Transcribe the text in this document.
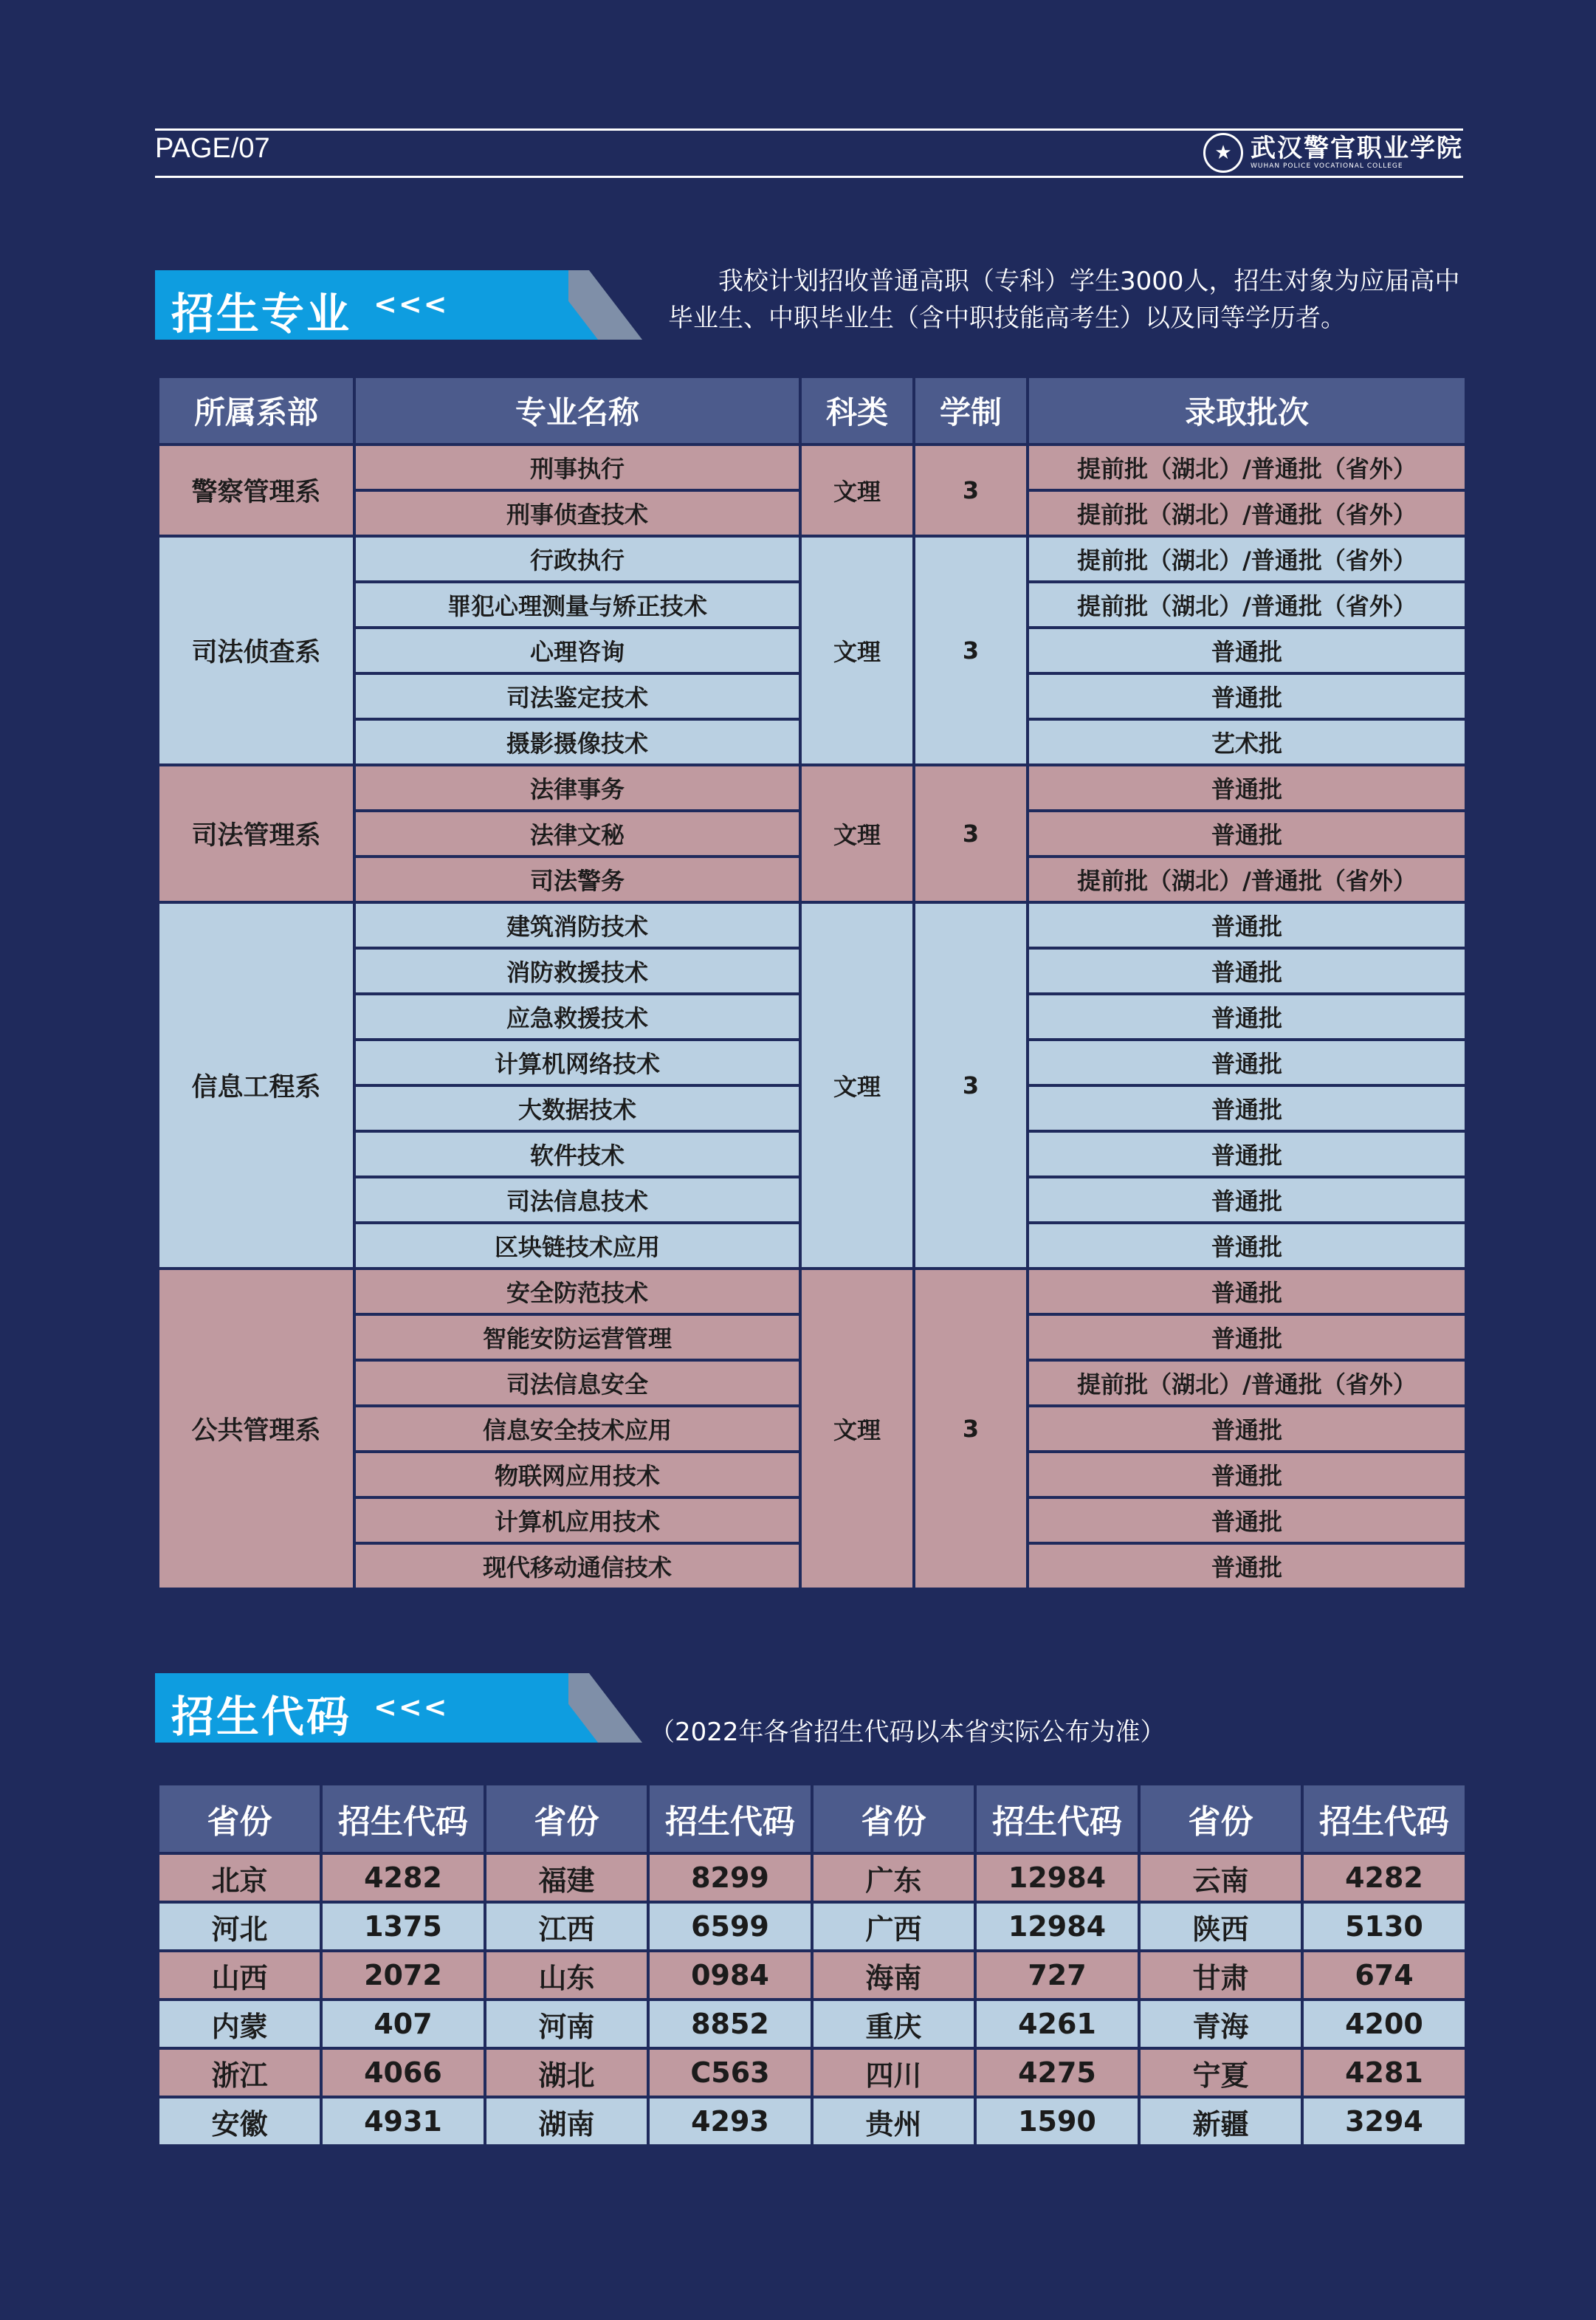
PAGE/07	★ 武汉警官职业学院
WUHAN POLICE VOCATIONAL COLLEGE
招生专业 <<<
我校计划招收普通高职（专科）学生3000人，招生对象为应届高中毕业生、中职毕业生（含中职技能高考生）以及同等学历者。
所属系部	专业名称	科类	学制	录取批次
警察管理系	刑事执行	文理	3	提前批（湖北）/普通批（省外）
	刑事侦查技术			提前批（湖北）/普通批（省外）
司法侦查系	行政执行	文理	3	提前批（湖北）/普通批（省外）
	罪犯心理测量与矫正技术			提前批（湖北）/普通批（省外）
	心理咨询			普通批
	司法鉴定技术			普通批
	摄影摄像技术			艺术批
司法管理系	法律事务	文理	3	普通批
	法律文秘			普通批
	司法警务			提前批（湖北）/普通批（省外）
信息工程系	建筑消防技术	文理	3	普通批
	消防救援技术			普通批
	应急救援技术			普通批
	计算机网络技术			普通批
	大数据技术			普通批
	软件技术			普通批
	司法信息技术			普通批
	区块链技术应用			普通批
公共管理系	安全防范技术	文理	3	普通批
	智能安防运营管理			普通批
	司法信息安全			提前批（湖北）/普通批（省外）
	信息安全技术应用			普通批
	物联网应用技术			普通批
	计算机应用技术			普通批
	现代移动通信技术			普通批
招生代码 <<<
（2022年各省招生代码以本省实际公布为准）
省份	招生代码	省份	招生代码	省份	招生代码	省份	招生代码
北京	4282	福建	8299	广东	12984	云南	4282
河北	1375	江西	6599	广西	12984	陕西	5130
山西	2072	山东	0984	海南	727	甘肃	674
内蒙	407	河南	8852	重庆	4261	青海	4200
浙江	4066	湖北	C563	四川	4275	宁夏	4281
安徽	4931	湖南	4293	贵州	1590	新疆	3294
